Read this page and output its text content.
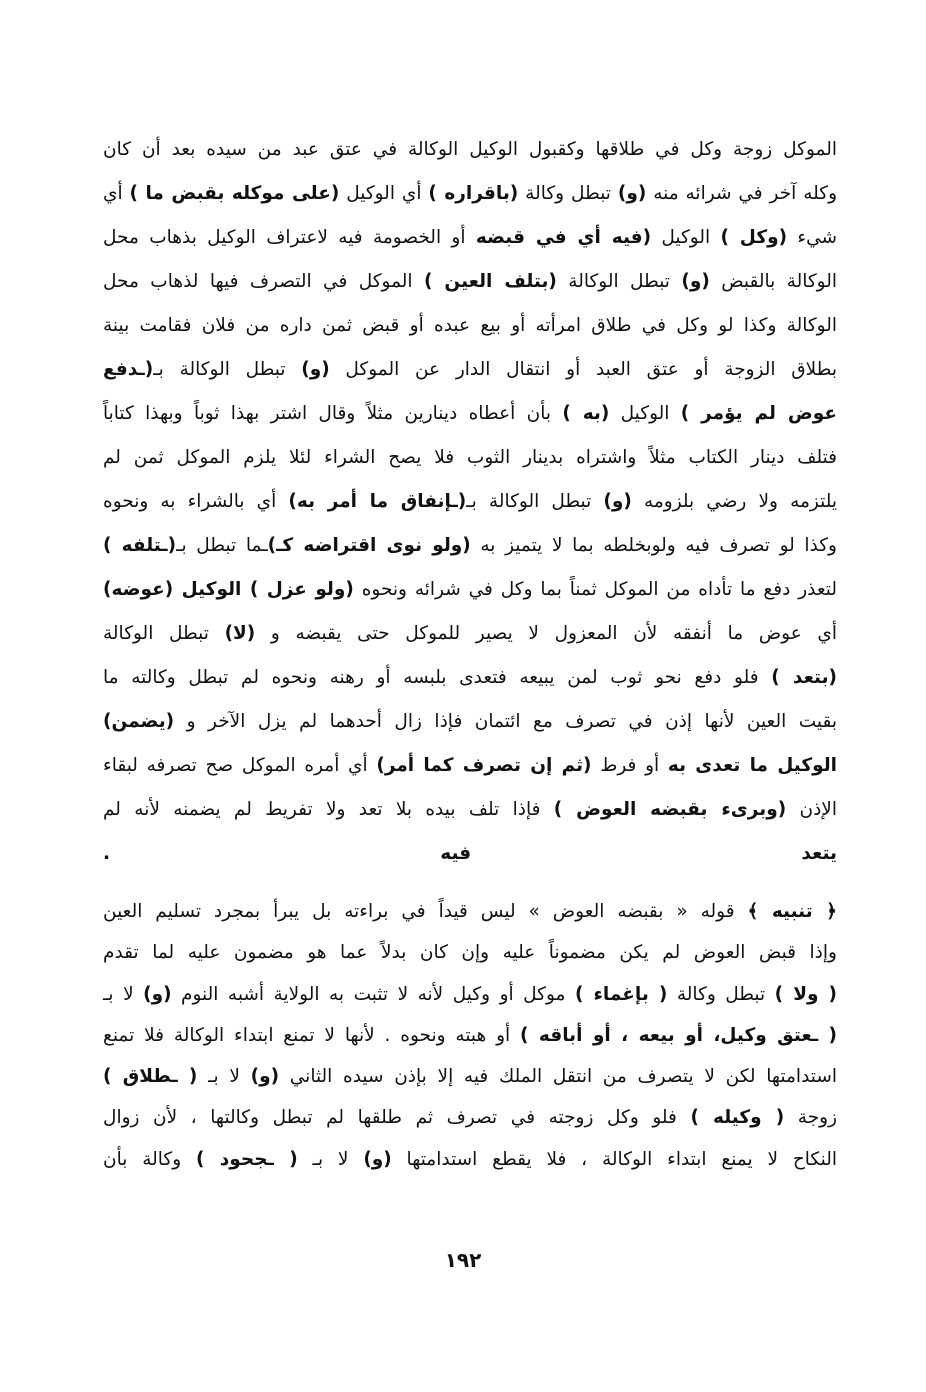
الموكل زوجة وكل في طلاقها وكقبول الوكيل الوكالة في عتق عبد من سيده بعد أن كان
وكله آخر في شرائه منه (و) تبطل وكالة (باقراره ) أي الوكيل (على موكله بقبض ما ) أي
شيء (وكل ) الوكيل (فيه أي في قبضه أو الخصومة فيه لاعتراف الوكيل بذهاب محل
الوكالة بالقبض (و) تبطل الوكالة (بتلف العين ) الموكل في التصرف فيها لذهاب محل
الوكالة وكذا لو وكل في طلاق امرأته أو بيع عبده أو قبض ثمن داره من فلان فقامت بينة
بطلاق الزوجة أو عتق العبد أو انتقال الدار عن الموكل (و) تبطل الوكالة بـ(ـدفع
عوض لم يؤمر ) الوكيل (به ) بأن أعطاه دينارين مثلاً وقال اشتر بهذا ثوباً وبهذا كتاباً
فتلف دينار الكتاب مثلاً واشتراه بدينار الثوب فلا يصح الشراء لئلا يلزم الموكل ثمن لم
يلتزمه ولا رضي بلزومه (و) تبطل الوكالة بـ(ـإنفاق ما أمر به) أي بالشراء به ونحوه
وكذا لو تصرف فيه ولوبخلطه بما لا يتميز به (ولو نوى اقتراضه كـ)ـما تبطل بـ(ـتلفه )
لتعذر دفع ما تأداه من الموكل ثمناً بما وكل في شرائه ونحوه (ولو عزل ) الوكيل (عوضه)
أي عوض ما أنفقه لأن المعزول لا يصير للموكل حتى يقبضه و (لا) تبطل الوكالة
(بتعد ) فلو دفع نحو ثوب لمن يبيعه فتعدى بلبسه أو رهنه ونحوه لم تبطل وكالته ما
بقيت العين لأنها إذن في تصرف مع ائتمان فإذا زال أحدهما لم يزل الآخر و (يضمن)
الوكيل ما تعدى به أو فرط (ثم إن تصرف كما أمر) أي أمره الموكل صح تصرفه لبقاء
الإذن (وبرىء بقبضه العوض ) فإذا تلف بيده بلا تعد ولا تفريط لم يضمنه لأنه لم
يتعد فيه .
﴿ تنبيه ﴾ قوله « بقبضه العوض » ليس قيداً في براءته بل يبرأ بمجرد تسليم العين
وإذا قبض العوض لم يكن مضموناً عليه وإن كان بدلاً عما هو مضمون عليه لما تقدم
( ولا ) تبطل وكالة ( بإغماء ) موكل أو وكيل لأنه لا تثبت به الولاية أشبه النوم (و) لا بـ
( ـعتق وكيل، أو بيعه ، أو أباقه ) أو هبته ونحوه . لأنها لا تمنع ابتداء الوكالة فلا تمنع
استدامتها لكن لا يتصرف من انتقل الملك فيه إلا بإذن سيده الثاني (و) لا بـ ( ـطلاق )
زوجة ( وكيله ) فلو وكل زوجته في تصرف ثم طلقها لم تبطل وكالتها ، لأن زوال
النكاح لا يمنع ابتداء الوكالة ، فلا يقطع استدامتها (و) لا بـ ( ـجحود ) وكالة بأن
١٩٢
